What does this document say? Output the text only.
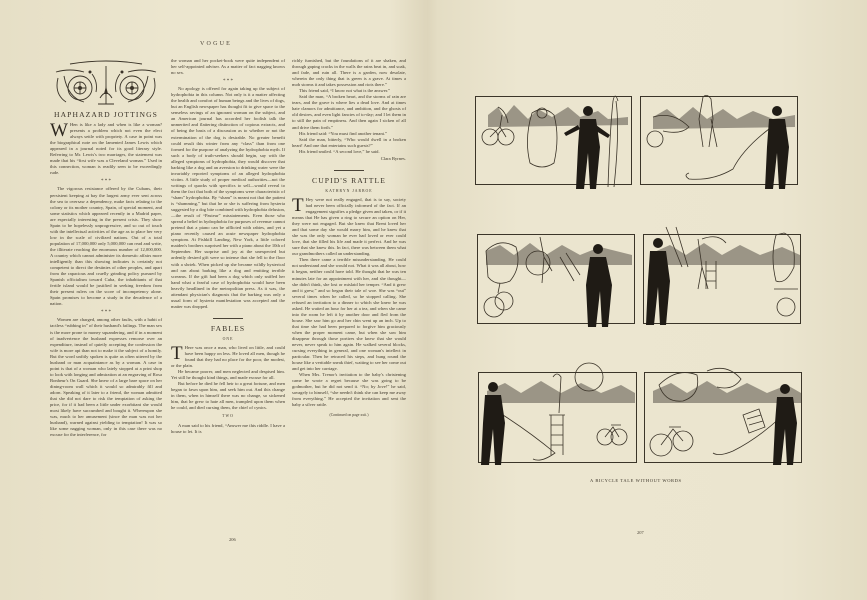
VOGUE
HAPHAZARD JOTTINGS

W Hen is like a lady and when is like a woman? presents a problem which not even the elect always settle with propriety. A case in point was the biographical note on the lamented James Lewis which appeared in a journal noted for its good literary style. Referring to Mr. Lewis's two marriages, the statement was made that his “first wife was a Cleveland woman.” Used in this connection, woman is readily seen to be exceedingly rude.

* * *

The vigorous resistance offered by the Cubans, their persistent keeping at bay the largest army ever sent across the sea to oversaw a dependency, make facts relating to the colony or its mother country, Spain, of special moment, and some statistics which appeared recently in a Madrid paper, are especially interesting in the present crisis. They show Spain to be hopelessly unprogressive, and so out of touch with the intellectual activities of the age as to place her very low in the scale of civilized nations. Out of a total population of 17,000,000 only 5,000,000 can read and write, the illiterate reaching the enormous number of 12,000,000. A country which cannot administer its domestic affairs more intelligently than this showing indicates is certainly not competent to direct the destinies of other peoples, and apart from the rapacious and cruelly grinding policy pursued by Spanish officialism toward Cuba, the inhabitants of that fertile island would be justified in seeking freedom from their present rulers on the score of incompetency alone. Spain promises to become a study in the decadence of a nation.

* * *

Women are charged, among other faults, with a habit of tactless “rubbing in” of their husband's failings. The man sex is the more prone to money squandering, and if in a moment of inadvertence the husband expresses remorse over an expenditure, instead of quietly accepting the confession the wife is more apt than not to make it the subject of a homily. But the word unfitly spoken is quite as often uttered by the husband or man acquaintance as by a woman. A case in point is that of a woman who lately stopped at a print shop to look with longing and admiration at an engraving of Rosa Bonheur's On Guard. She knew of a large bare space on her dining-room wall which it would so admirably fill and adorn. Speaking of it later to a friend, the woman admitted that she did not dare to risk the temptation of asking the price, for if it had been a little under exorbitant she would most likely have succumbed and bought it. Whereupon she was, much to her amusement (since the man was not her husband), warned against yielding to temptation! It was so like some nagging woman, only in this case there was no excuse for the interference, for

the woman and her pocket-book were quite independent of her self-appointed adviser. As a matter of fact nagging knows no sex.

* * *

No apology is offered for again taking up the subject of hydrophobia in this column. Not only is it a matter affecting the health and comfort of human beings and the lives of dogs, but an English newspaper has thought fit to give space to the senseless ravings of an ignorant woman on the subject, and an American journal has accorded her foolish talk the unmerited and flattering distinction of copious extracts, and of being the basis of a discussion as to whether or not the extermination of the dog is desirable. No greater benefit could result this winter from any “class” than from one formed for the purpose of analyzing the hydrophobia myth. If such a body of truth-seekers should begin, say with the alleged symptoms of hydrophobia, they would discover that barking like a dog and an aversion to drinking water were the invariably reported symptoms of an alleged hydrophobia victim. A little study of proper medical authorities—not the writings of quacks with specifics to sell—would reveal to them the fact that both of the symptoms were characteristic of “sham” hydrophobia. By “sham” is meant not that the patient is “shamming,” but that he or she is suffering from hysteria suggested by a dog bite combined with hydrophobia delusion,—the result of “Pasteur” misstatements. Even those who spread a belief in hydrophobia for purposes of revenue cannot pretend that a piano can be afflicted with rabies, and yet a piano recently caused an acute newspaper hydrophobia symptom. At Fishkill Landing, New York, a little colored maiden's brothers surprised her with a piano about the 10th of September. Her surprise and joy at the unexpected but ardently desired gift were so intense that she fell to the floor with a shriek. When picked up she became wildly hysterical and ran about barking like a dog and emitting terrible screams. If the gift had been a dog which only sniffed her hand what a fearful case of hydrophobia would have been heavily headlined in the metropolitan press. As it was, the attendant physician's diagnosis that the barking was only a usual form of hysteria manifestation was accepted and the matter was dropped.

FABLES
ONE

T Here was once a man, who lived on little, and could have been happy on less. He loved all men, though he found that they had no place for the poor, the modest, or the plain.

He became poorer, and men neglected and despised him. Yet still he thought kind things, and made excuse for all.

But before he died he fell heir to a great fortune, and men began to fawn upon him, and seek him out. And this change in them, when in himself there was no change, so sickened him, that he grew to hate all men, trampled upon them when he could, and died cursing them, the chief of cynics.

TWO

A man said to his friend, “Answer me this riddle. I have a house to let. It is

richly furnished, but the foundations of it are shaken, and through gaping cracks in the walls the rains beat in, and soak, and fade, and ruin all. There is a garden, now desolate, wherein the only thing that is green is a grave. At times a mob storms it and takes possession and riots there.”

This friend said, “I know not what is the answer.”

Said the man, “A broken heart, and the storms of rain are tears, and the grave is where lies a dead love. And at times hate clamors for admittance, and ambition, and the ghosts of old desires, and even light fancies of to-day; and I let them in to still the pain of emptiness. And then again I sicken of all and drive them forth.”

His friend said: “You must find another tenant.”

Said the man, bitterly, “Who would dwell in a broken heart! And one that entertains such guests?”

His friend smiled. “A second love,” he said.

Clara Byrnes.
CUPID'S RATTLE
KATHRYN JARBOE

T Hey were not really engaged, that is to say, society had never been officially informed of the fact. If an engagement signifies a pledge given and taken, or if it means that He has given a ring to secure an option on Her, they were not engaged. But she knew that Brent loved her and that some day she would marry him, and he knew that she was the only woman he ever had loved or ever could love, that she filled his life and made it perfect. And he was sure that she knew this. In fact, there was between them what our grandmothers called an understanding.

Then there came a terrible misunderstanding. He could not understand and she would not. What it was all about, how it began, neither could have told. He thought that he was ten minutes late for an appointment with her, and she thought—she didn't think, she lost or mislaid her temper. “And it grew and it grew,” and so began their tale of woe. She was “out” several times when he called, so he stopped calling. She refused an invitation to a dinner to which she knew he was asked. He waited an hour for her at a tea, and when she came into the room he left it by another door and fled from the house. She saw him go and her chin went up an inch. Up to that time she had been prepared to forgive him graciously when the proper moment came, but when she saw him disappear through those portires she knew that she would never, never speak to him again. He walked several blocks, cursing everything in general, and one woman's intellect in particular. Then he retraced his steps, and hung round the house like a veritable sneak thief, waiting to see her come out and get into her carriage.

When Mrs. Trenor's invitation to the baby's christening came he wrote a regret because she was going to be godmother, but he did not send it. “No; by Jove!” he said, savagely to himself, “she needn't think she can keep me away from everything.” He accepted the invitation and sent the baby a silver rattle.

(Continued on page xxii.)
206
A BICYCLE TALE WITHOUT WORDS
207
